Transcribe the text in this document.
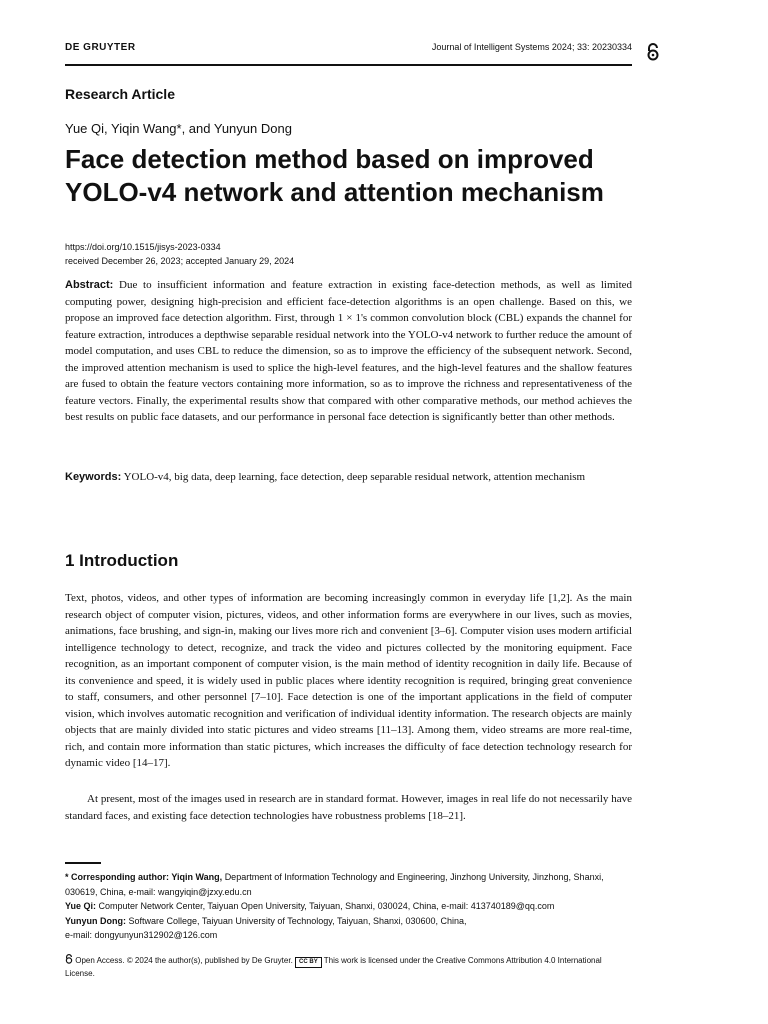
DE GRUYTER	Journal of Intelligent Systems 2024; 33: 20230334
Research Article
Yue Qi, Yiqin Wang*, and Yunyun Dong
Face detection method based on improved YOLO-v4 network and attention mechanism
https://doi.org/10.1515/jisys-2023-0334
received December 26, 2023; accepted January 29, 2024

Abstract: Due to insufficient information and feature extraction in existing face-detection methods, as well as limited computing power, designing high-precision and efficient face-detection algorithms is an open challenge. Based on this, we propose an improved face detection algorithm. First, through 1 × 1's common convolution block (CBL) expands the channel for feature extraction, introduces a depthwise separable residual network into the YOLO-v4 network to further reduce the amount of model computation, and uses CBL to reduce the dimension, so as to improve the efficiency of the subsequent network. Second, the improved attention mechanism is used to splice the high-level features, and the high-level features and the shallow features are fused to obtain the feature vectors containing more information, so as to improve the richness and representativeness of the feature vectors. Finally, the experimental results show that compared with other comparative methods, our method achieves the best results on public face datasets, and our performance in personal face detection is significantly better than other methods.

Keywords: YOLO-v4, big data, deep learning, face detection, deep separable residual network, attention mechanism

1 Introduction

Text, photos, videos, and other types of information are becoming increasingly common in everyday life [1,2]. As the main research object of computer vision, pictures, videos, and other information forms are everywhere in our lives, such as movies, animations, face brushing, and sign-in, making our lives more rich and convenient [3–6]. Computer vision uses modern artificial intelligence technology to detect, recognize, and track the video and pictures collected by the monitoring equipment. Face recognition, as an important component of computer vision, is the main method of identity recognition in daily life. Because of its convenience and speed, it is widely used in public places where identity recognition is required, bringing great convenience to staff, consumers, and other personnel [7–10]. Face detection is one of the important applications in the field of computer vision, which involves automatic recognition and verification of individual identity information. The research objects are mainly objects that are mainly divided into static pictures and video streams [11–13]. Among them, video streams are more real-time, rich, and contain more information than static pictures, which increases the difficulty of face detection technology research for dynamic video [14–17].

At present, most of the images used in research are in standard format. However, images in real life do not necessarily have standard faces, and existing face detection technologies have robustness problems [18–21].

* Corresponding author: Yiqin Wang, Department of Information Technology and Engineering, Jinzhong University, Jinzhong, Shanxi, 030619, China, e-mail: wangyiqin@jzxy.edu.cn
Yue Qi: Computer Network Center, Taiyuan Open University, Taiyuan, Shanxi, 030024, China, e-mail: 413740189@qq.com
Yunyun Dong: Software College, Taiyuan University of Technology, Taiyuan, Shanxi, 030600, China,
e-mail: dongyunyun312902@126.com
Open Access. © 2024 the author(s), published by De Gruyter. CC BY This work is licensed under the Creative Commons Attribution 4.0 International License.
